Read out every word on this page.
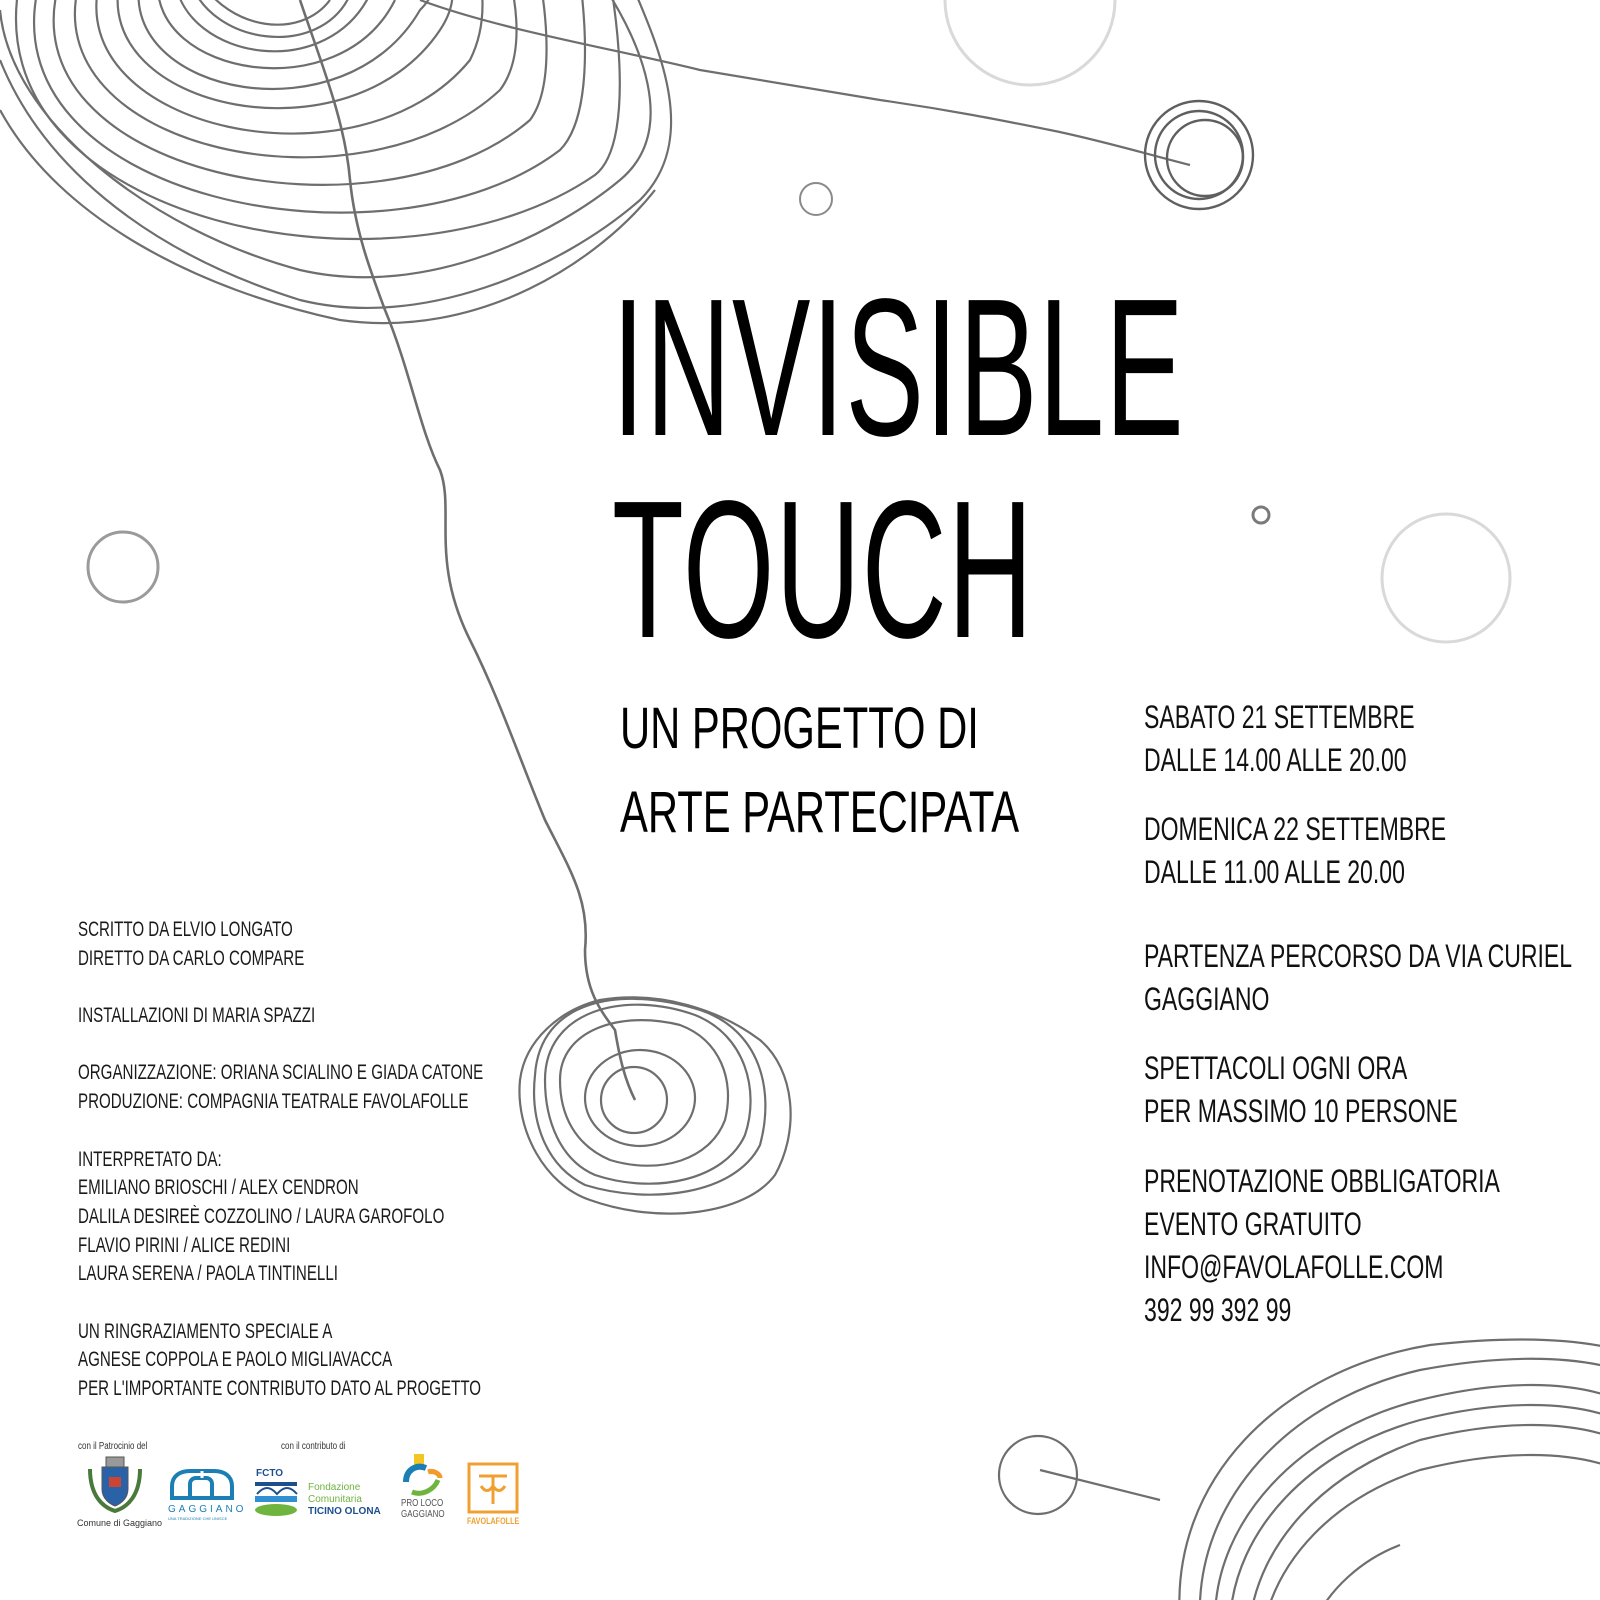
INVISIBLE
TOUCH
UN PROGETTO DI
ARTE PARTECIPATA
SABATO 21 SETTEMBRE
DALLE 14.00 ALLE 20.00
DOMENICA 22 SETTEMBRE
DALLE 11.00 ALLE 20.00
PARTENZA PERCORSO DA VIA CURIEL
GAGGIANO
SPETTACOLI OGNI ORA
PER MASSIMO 10 PERSONE
PRENOTAZIONE OBBLIGATORIA
EVENTO GRATUITO
INFO@FAVOLAFOLLE.COM
392 99 392 99
SCRITTO DA ELVIO LONGATO
DIRETTO DA CARLO COMPARE
INSTALLAZIONI DI MARIA SPAZZI
ORGANIZZAZIONE: ORIANA SCIALINO E GIADA CATONE
PRODUZIONE: COMPAGNIA TEATRALE FAVOLAFOLLE
INTERPRETATO DA:
EMILIANO BRIOSCHI / ALEX CENDRON
DALILA DESIREÈ COZZOLINO / LAURA GAROFOLO
FLAVIO PIRINI / ALICE REDINI
LAURA SERENA / PAOLA TINTINELLI
UN RINGRAZIAMENTO SPECIALE A
AGNESE COPPOLA E PAOLO MIGLIAVACCA
PER L'IMPORTANTE CONTRIBUTO DATO AL PROGETTO
con il Patrocinio del	con il contributo di
Comune di Gaggiano
GAGGIANO
UNA TRADIZIONE CHE UNISCE
FCTO
Fondazione
Comunitaria
TICINO OLONA
PRO LOCO
GAGGIANO
FAVOLAFOLLE
